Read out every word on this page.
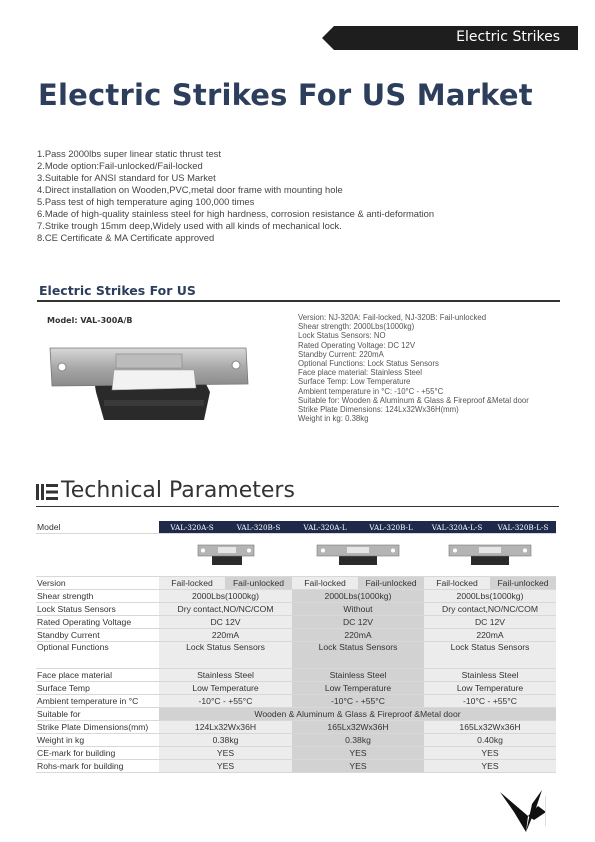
Electric Strikes
Electric Strikes For US Market
1.Pass 2000lbs super linear static thrust test
2.Mode option:Fail-unlocked/Fail-locked
3.Suitable for ANSI standard for US Market
4.Direct installation on Wooden,PVC,metal door frame with mounting hole
5.Pass test of high temperature aging 100,000 times
6.Made of high-quality stainless steel for high hardness, corrosion resistance & anti-deformation
7.Strike trough 15mm deep,Widely used with all kinds of mechanical lock.
8.CE Certificate & MA Certificate approved
Electric Strikes For US
Model: VAL-300A/B	Version: NJ-320A: Fail-locked, NJ-320B: Fail-unlocked
Shear strength: 2000Lbs(1000kg)
Lock Status Sensors: NO
Rated Operating Voltage: DC 12V
Standby Current: 220mA
Optional Functions: Lock Status Sensors
Face place material: Stainless Steel
Surface Temp: Low Temperature
Ambient temperature in °C: -10°C - +55°C
Suitable for: Wooden & Aluminum & Glass & Fireproof &Metal door
Strike Plate Dimensions: 124Lx32Wx36H(mm)
Weight in kg: 0.38kg
Technical Parameters
Model	VAL-320A-S	VAL-320B-S	VAL-320A-L	VAL-320B-L	VAL-320A-L-S	VAL-320B-L-S

Version	Fail-locked	Fail-unlocked	Fail-locked	Fail-unlocked	Fail-locked	Fail-unlocked
Shear strength	2000Lbs(1000kg)		2000Lbs(1000kg)		2000Lbs(1000kg)	
Lock Status Sensors	Dry contact,NO/NC/COM		Without		Dry contact,NO/NC/COM	
Rated Operating Voltage	DC 12V		DC 12V		DC 12V	
Standby Current	220mA		220mA		220mA	
Optional Functions	Lock Status Sensors		Lock Status Sensors		Lock Status Sensors	
Face place material	Stainless Steel		Stainless Steel		Stainless Steel	
Surface Temp	Low Temperature		Low Temperature		Low Temperature	
Ambient temperature in °C	-10°C - +55°C		-10°C - +55°C		-10°C - +55°C	
Suitable for	Wooden & Aluminum & Glass & Fireproof &Metal door					
Strike Plate Dimensions(mm)	124Lx32Wx36H		165Lx32Wx36H		165Lx32Wx36H	
Weight in kg	0.38kg		0.38kg		0.40kg	
CE-mark for building	YES		YES		YES	
Rohs-mark for building	YES		YES		YES	
